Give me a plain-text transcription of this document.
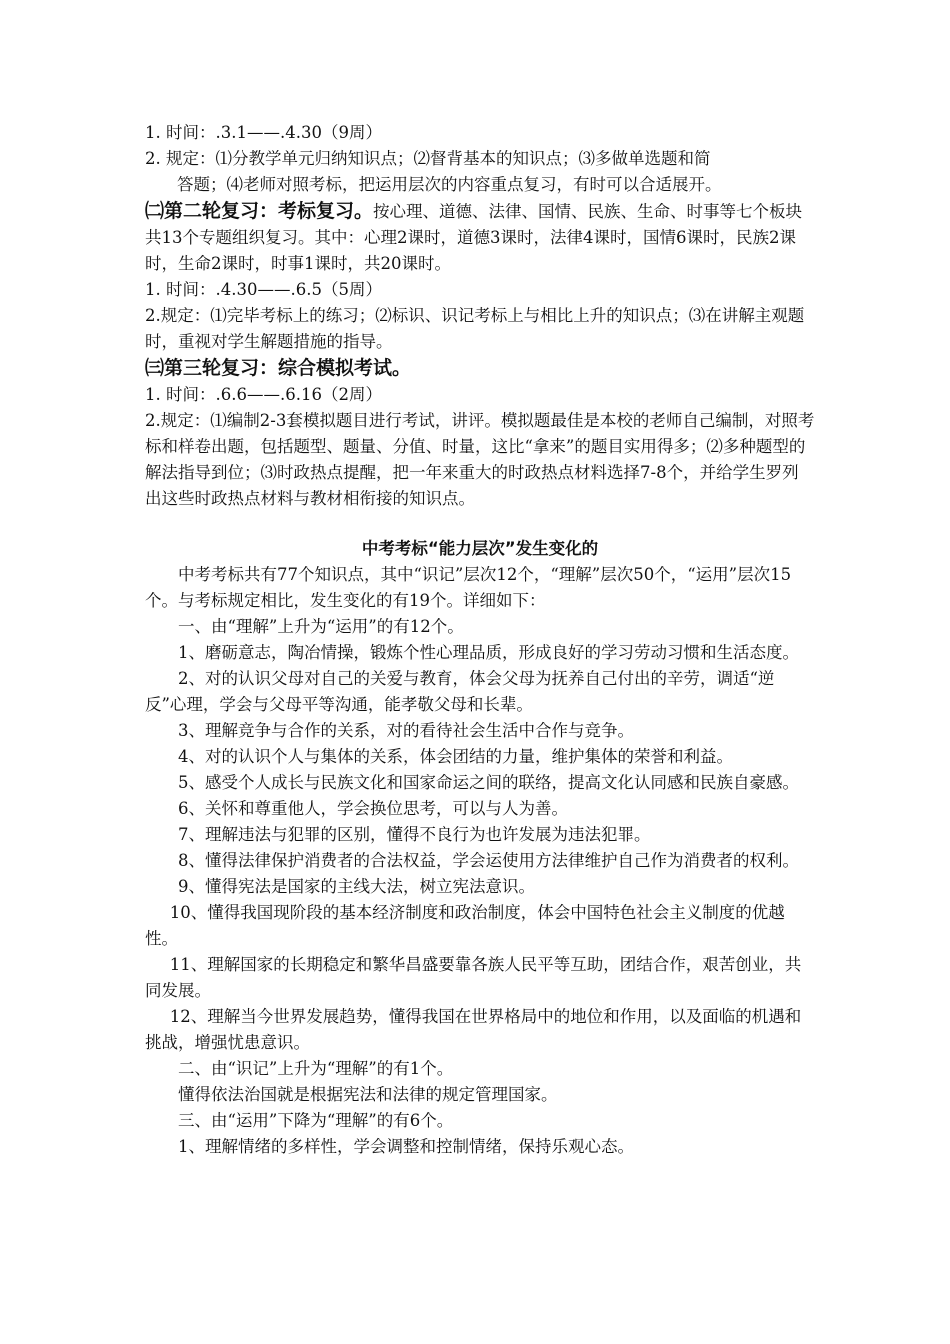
1. 时间：.3.1——.4.30（9周）

2. 规定：⑴分教学单元归纳知识点；⑵督背基本的知识点；⑶多做单选题和简

答题；⑷老师对照考标，把运用层次的内容重点复习，有时可以合适展开。

㈡第二轮复习：考标复习。按心理、道德、法律、国情、民族、生命、时事等七个板块共13个专题组织复习。其中：心理2课时，道德3课时，法律4课时，国情6课时，民族2课时，生命2课时，时事1课时，共20课时。

1. 时间：.4.30——.6.5（5周）

2.规定：⑴完毕考标上的练习；⑵标识、识记考标上与相比上升的知识点；⑶在讲解主观题时，重视对学生解题措施的指导。

㈢第三轮复习：综合模拟考试。

1. 时间：.6.6——.6.16（2周）

2.规定：⑴编制2-3套模拟题目进行考试，讲评。模拟题最佳是本校的老师自己编制，对照考标和样卷出题，包括题型、题量、分值、时量，这比“拿来”的题目实用得多；⑵多种题型的解法指导到位；⑶时政热点提醒，把一年来重大的时政热点材料选择7-8个，并给学生罗列出这些时政热点材料与教材相衔接的知识点。

中考考标“能力层次”发生变化的

中考考标共有77个知识点，其中“识记”层次12个，“理解”层次50个，“运用”层次15个。与考标规定相比，发生变化的有19个。详细如下：

一、由“理解”上升为“运用”的有12个。

1、磨砺意志，陶冶情操，锻炼个性心理品质，形成良好的学习劳动习惯和生活态度。

2、对的认识父母对自己的关爱与教育，体会父母为抚养自己付出的辛劳，调适“逆反”心理，学会与父母平等沟通，能孝敬父母和长辈。

3、理解竞争与合作的关系，对的看待社会生活中合作与竞争。

4、对的认识个人与集体的关系，体会团结的力量，维护集体的荣誉和利益。

5、感受个人成长与民族文化和国家命运之间的联络，提高文化认同感和民族自豪感。

6、关怀和尊重他人，学会换位思考，可以与人为善。

7、理解违法与犯罪的区别，懂得不良行为也许发展为违法犯罪。

8、懂得法律保护消费者的合法权益，学会运使用方法律维护自己作为消费者的权利。

9、懂得宪法是国家的主线大法，树立宪法意识。

10、懂得我国现阶段的基本经济制度和政治制度，体会中国特色社会主义制度的优越性。

11、理解国家的长期稳定和繁华昌盛要靠各族人民平等互助，团结合作，艰苦创业，共同发展。

12、理解当今世界发展趋势，懂得我国在世界格局中的地位和作用，以及面临的机遇和挑战，增强忧患意识。

二、由“识记”上升为“理解”的有1个。

懂得依法治国就是根据宪法和法律的规定管理国家。

三、由“运用”下降为“理解”的有6个。

1、理解情绪的多样性，学会调整和控制情绪，保持乐观心态。
